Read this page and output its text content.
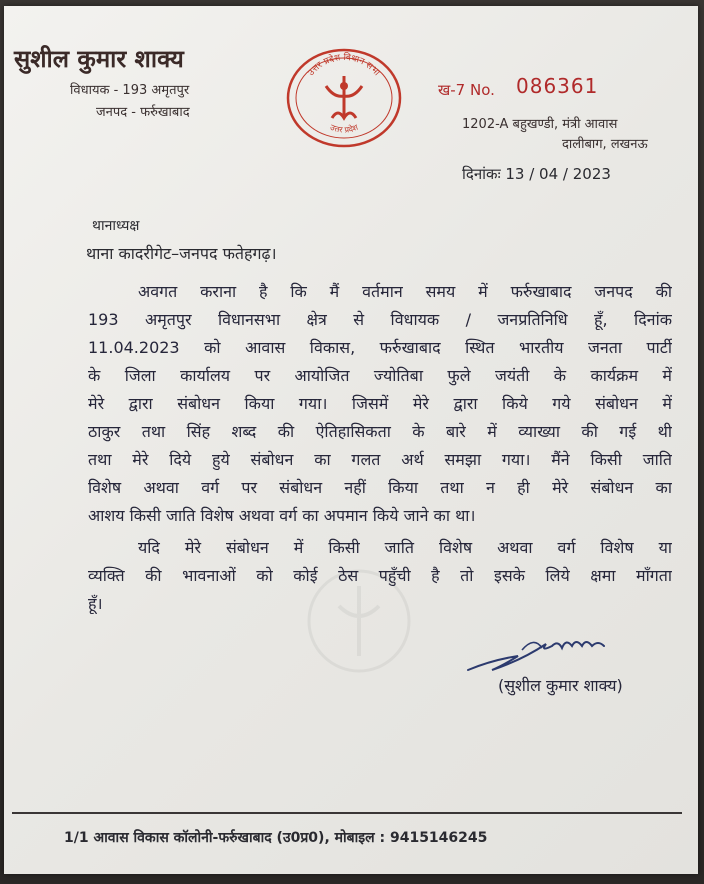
सुशील कुमार शाक्य
विधायक - 193 अमृतपुर
जनपद - फर्रुखाबाद
उत्तर प्रदेश विधान सभा
उत्तर प्रदेश
ख-7 No. 086361
1202-A बहुखण्डी, मंत्री आवास
दालीबाग, लखनऊ
दिनांकः 13 / 04 / 2023
थानाध्यक्ष
थाना कादरीगेट–जनपद फतेहगढ़।
अवगत कराना है कि मैं वर्तमान समय में फर्रुखाबाद जनपद की
193 अमृतपुर विधानसभा क्षेत्र से विधायक / जनप्रतिनिधि हूँ, दिनांक
11.04.2023 को आवास विकास, फर्रुखाबाद स्थित भारतीय जनता पार्टी
के जिला कार्यालय पर आयोजित ज्योतिबा फुले जयंती के कार्यक्रम में
मेरे द्वारा संबोधन किया गया। जिसमें मेरे द्वारा किये गये संबोधन में
ठाकुर तथा सिंह शब्द की ऐतिहासिकता के बारे में व्याख्या की गई थी
तथा मेरे दिये हुये संबोधन का गलत अर्थ समझा गया। मैंने किसी जाति
विशेष अथवा वर्ग पर संबोधन नहीं किया तथा न ही मेरे संबोधन का
आशय किसी जाति विशेष अथवा वर्ग का अपमान किये जाने का था।
यदि मेरे संबोधन में किसी जाति विशेष अथवा वर्ग विशेष या
व्यक्ति की भावनाओं को कोई ठेस पहुँची है तो इसके लिये क्षमा माँगता
हूँ।
(सुशील कुमार शाक्य)
1/1 आवास विकास कॉलोनी-फर्रुखाबाद (उ0प्र0), मोबाइल : 9415146245
